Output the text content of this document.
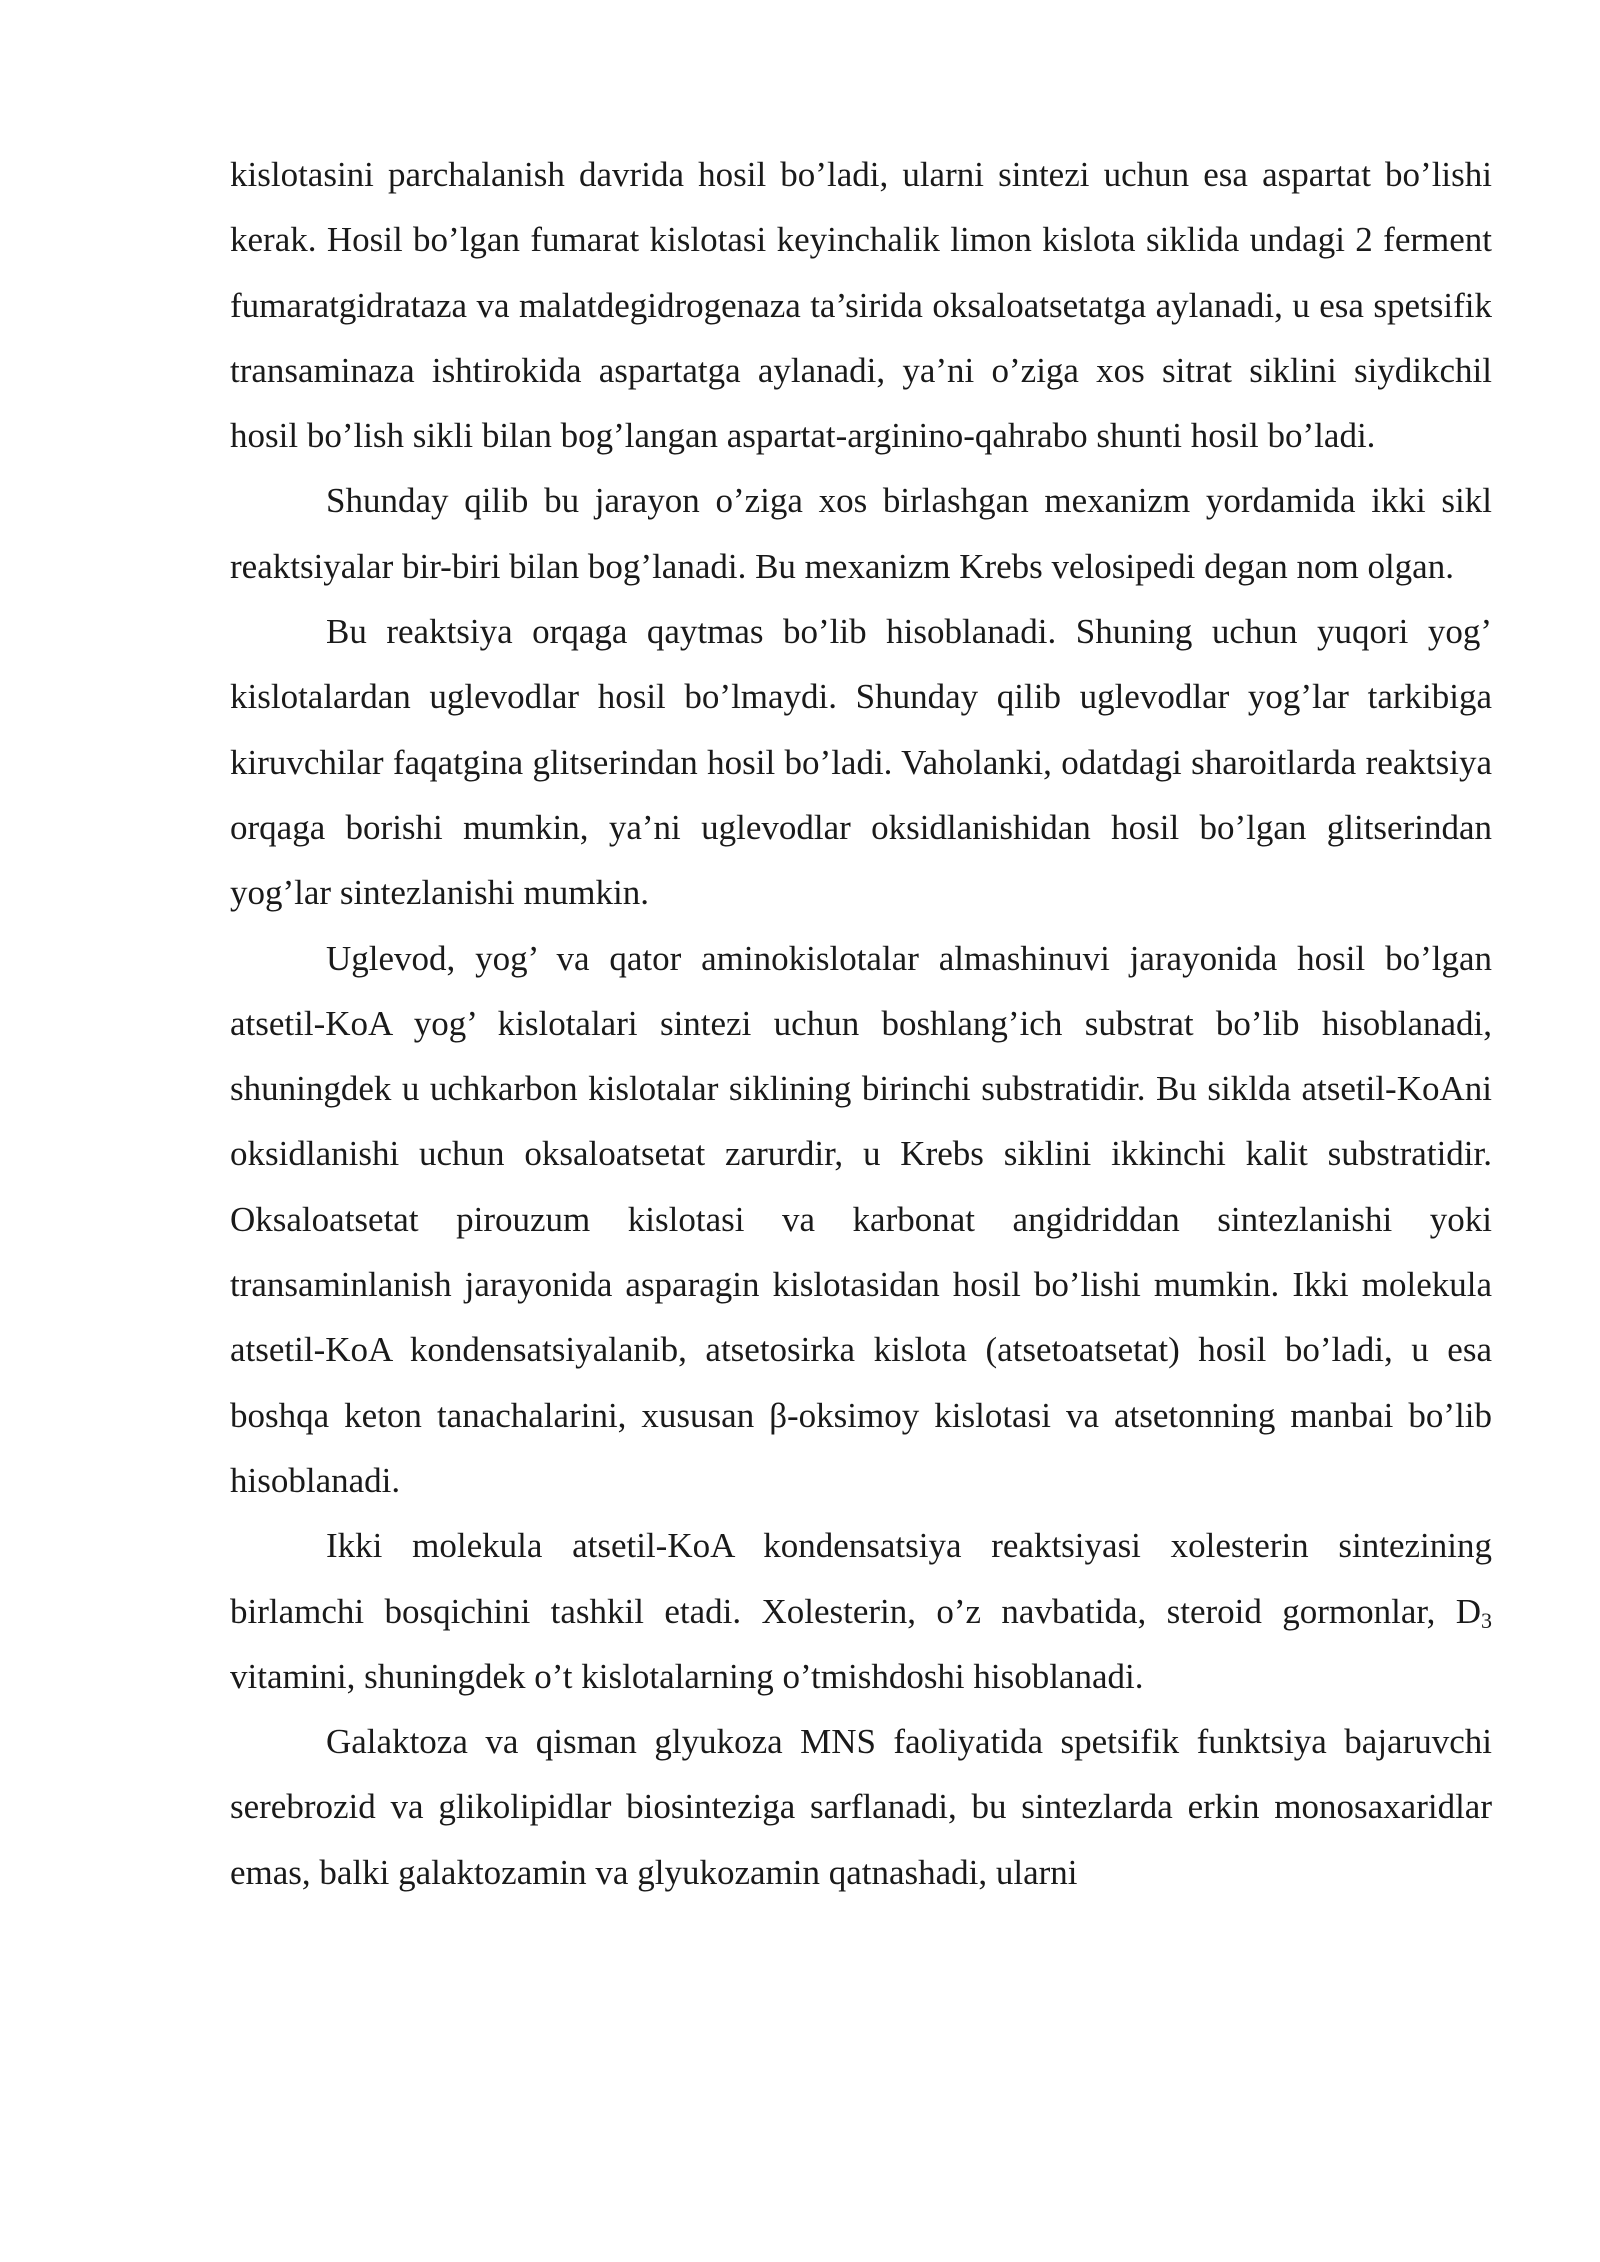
kislotasini parchalanish davrida hosil bo’ladi, ularni sintezi uchun esa aspartat bo’lishi kerak. Hosil bo’lgan fumarat kislotasi keyinchalik limon kislota siklida undagi 2 ferment fumaratgidrataza va malatdegidrogenaza ta’sirida oksaloatsetatga aylanadi, u esa spetsifik transaminaza ishtirokida aspartatga aylanadi, ya’ni o’ziga xos sitrat siklini siydikchil hosil bo’lish sikli bilan bog’langan aspartat-arginino-qahrabo shunti hosil bo’ladi.

Shunday qilib bu jarayon o’ziga xos birlashgan mexanizm yordamida ikki sikl reaktsiyalar bir-biri bilan bog’lanadi. Bu mexanizm Krebs velosipedi degan nom olgan.

Bu reaktsiya orqaga qaytmas bo’lib hisoblanadi. Shuning uchun yuqori yog’ kislotalardan uglevodlar hosil bo’lmaydi. Shunday qilib uglevodlar yog’lar tarkibiga kiruvchilar faqatgina glitserindan hosil bo’ladi. Vaholanki, odatdagi sharoitlarda reaktsiya orqaga borishi mumkin, ya’ni uglevodlar oksidlanishidan hosil bo’lgan glitserindan yog’lar sintezlanishi mumkin.

Uglevod, yog’ va qator aminokislotalar almashinuvi jarayonida hosil bo’lgan atsetil-KoA yog’ kislotalari sintezi uchun boshlang’ich substrat bo’lib hisoblanadi, shuningdek u uchkarbon kislotalar siklining birinchi substratidir. Bu siklda atsetil-KoAni oksidlanishi uchun oksaloatsetat zarurdir, u Krebs siklini ikkinchi kalit substratidir. Oksaloatsetat pirouzum kislotasi va karbonat angidriddan sintezlanishi yoki transaminlanish jarayonida asparagin kislotasidan hosil bo’lishi mumkin. Ikki molekula atsetil-KoA kondensatsiyalanib, atsetosirka kislota (atsetoatsetat) hosil bo’ladi, u esa boshqa keton tanachalarini, xususan β-oksimoy kislotasi va atsetonning manbai bo’lib hisoblanadi.

Ikki molekula atsetil-KoA kondensatsiya reaktsiyasi xolesterin sintezining birlamchi bosqichini tashkil etadi. Xolesterin, o’z navbatida, steroid gormonlar, $D_3$ vitamini, shuningdek o’t kislotalarning o’tmishdoshi hisoblanadi.

Galaktoza va qisman glyukoza MNS faoliyatida spetsifik funktsiya bajaruvchi serebrozid va glikolipidlar biosinteziga sarflanadi, bu sintezlarda erkin monosaxaridlar emas, balki galaktozamin va glyukozamin qatnashadi, ularni
